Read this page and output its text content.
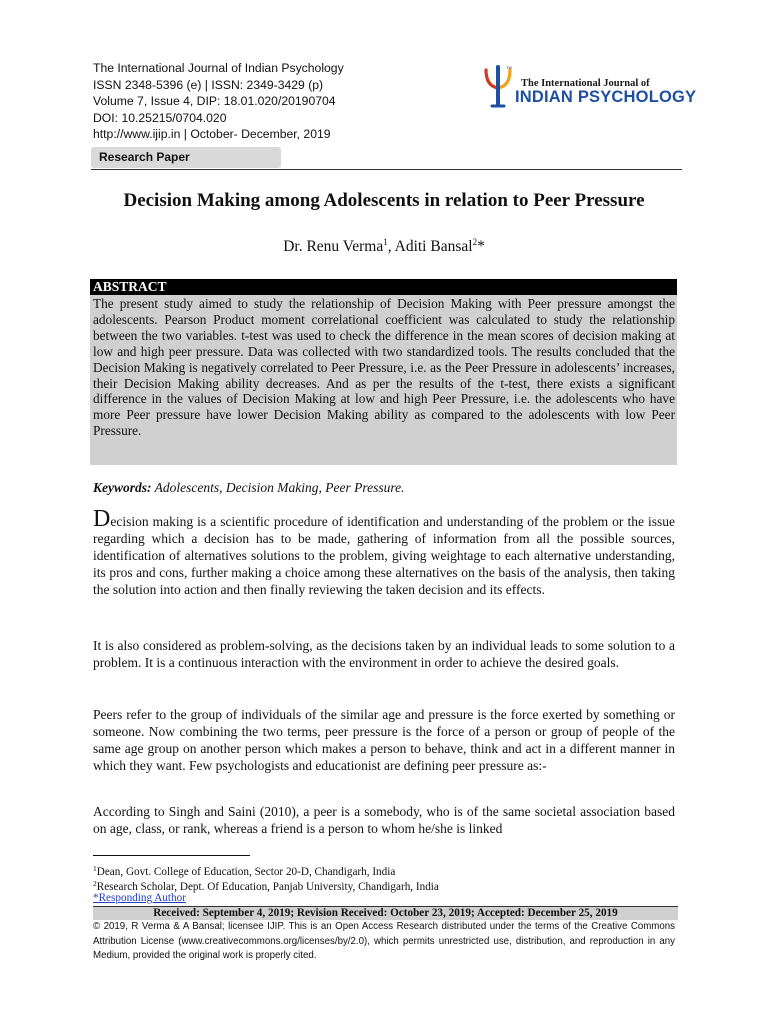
The International Journal of Indian Psychology
ISSN 2348-5396 (e) | ISSN: 2349-3429 (p)
Volume 7, Issue 4, DIP: 18.01.020/20190704
DOI: 10.25215/0704.020
http://www.ijip.in | October- December, 2019
TM
The International Journal of
INDIAN PSYCHOLOGY
Research Paper
Decision Making among Adolescents in relation to Peer Pressure
Dr. Renu Verma$^1$, Aditi Bansal$^2$*
ABSTRACT
The present study aimed to study the relationship of Decision Making with Peer pressure amongst the adolescents. Pearson Product moment correlational coefficient was calculated to study the relationship between the two variables. t-test was used to check the difference in the mean scores of decision making at low and high peer pressure. Data was collected with two standardized tools. The results concluded that the Decision Making is negatively correlated to Peer Pressure, i.e. as the Peer Pressure in adolescents’ increases, their Decision Making ability decreases. And as per the results of the t-test, there exists a significant difference in the values of Decision Making at low and high Peer Pressure, i.e. the adolescents who have more Peer pressure have lower Decision Making ability as compared to the adolescents with low Peer Pressure.
Keywords: Adolescents, Decision Making, Peer Pressure.
Decision making is a scientific procedure of identification and understanding of the problem or the issue regarding which a decision has to be made, gathering of information from all the possible sources, identification of alternatives solutions to the problem, giving weightage to each alternative understanding, its pros and cons, further making a choice among these alternatives on the basis of the analysis, then taking the solution into action and then finally reviewing the taken decision and its effects.
It is also considered as problem-solving, as the decisions taken by an individual leads to some solution to a problem. It is a continuous interaction with the environment in order to achieve the desired goals.
Peers refer to the group of individuals of the similar age and pressure is the force exerted by something or someone. Now combining the two terms, peer pressure is the force of a person or group of people of the same age group on another person which makes a person to behave, think and act in a different manner in which they want. Few psychologists and educationist are defining peer pressure as:-
According to Singh and Saini (2010), a peer is a somebody, who is of the same societal association based on age, class, or rank, whereas a friend is a person to whom he/she is linked
$^1$Dean, Govt. College of Education, Sector 20-D, Chandigarh, India
$^2$Research Scholar, Dept. Of Education, Panjab University, Chandigarh, India
*Responding Author
Received: September 4, 2019; Revision Received: October 23, 2019; Accepted: December 25, 2019
© 2019, R Verma & A Bansal; licensee IJIP. This is an Open Access Research distributed under the terms of the Creative Commons Attribution License (www.creativecommons.org/licenses/by/2.0), which permits unrestricted use, distribution, and reproduction in any Medium, provided the original work is properly cited.
